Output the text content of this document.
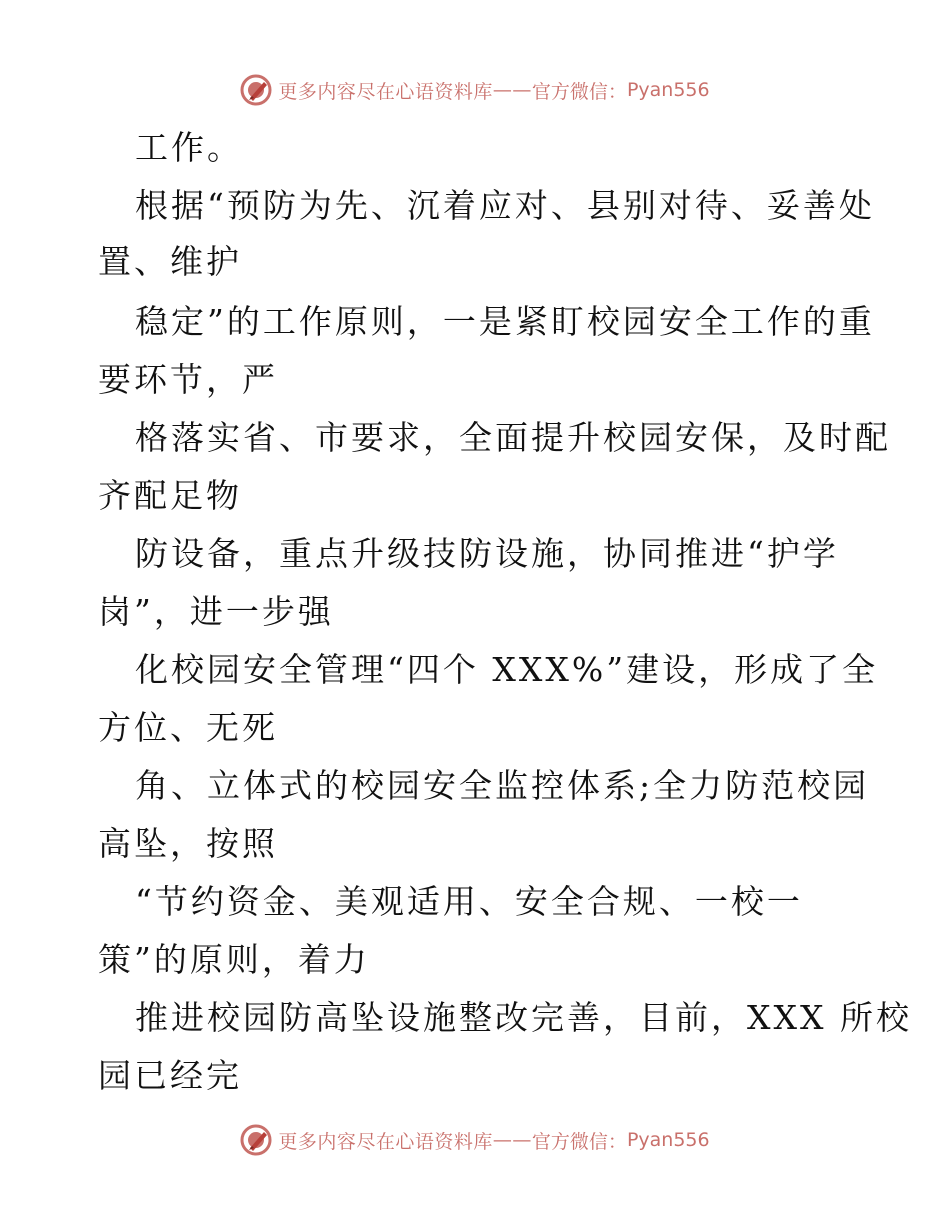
更多内容尽在心语资料库 —— 官方微信： Pyan556
工作。
根据“预防为先、沉着应对、县别对待、妥善处
置、维护
稳定”的工作原则，一是紧盯校园安全工作的重
要环节，严
格落实省、市要求，全面提升校园安保，及时配
齐配足物
防设备，重点升级技防设施，协同推进“护学
岗”，进一步强
化校园安全管理“四个 XXX%”建设，形成了全
方位、无死
角、立体式的校园安全监控体系;全力防范校园
高坠，按照
“节约资金、美观适用、安全合规、一校一
策”的原则，着力
推进校园防高坠设施整改完善，目前，XXX 所校
园已经完
更多内容尽在心语资料库 —— 官方微信： Pyan556
